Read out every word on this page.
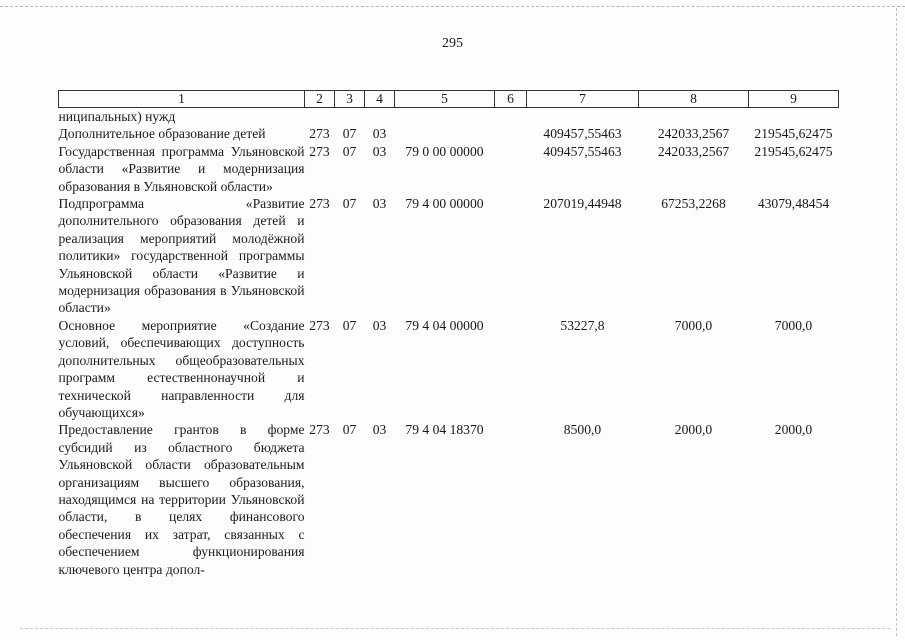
295
1	2	3	4	5	6	7	8	9
ниципальных) нужд								
Дополнительное образование детей	273	07	03			409457,55463	242033,2567	219545,62475
Государственная программа Ульяновской области «Развитие и модернизация образования в Ульяновской области»	273	07	03	79 0 00 00000		409457,55463	242033,2567	219545,62475
Подпрограмма «Развитие дополнительного образования детей и реализация мероприятий молодёжной политики» государственной программы Ульяновской области «Развитие и модернизация образования в Ульяновской области»	273	07	03	79 4 00 00000		207019,44948	67253,2268	43079,48454
Основное мероприятие «Создание условий, обеспечивающих доступность дополнительных общеобразовательных программ естественнонаучной и технической направленности для обучающихся»	273	07	03	79 4 04 00000		53227,8	7000,0	7000,0
Предоставление грантов в форме субсидий из областного бюджета Ульяновской области образовательным организациям высшего образования, находящимся на территории Ульяновской области, в целях финансового обеспечения их затрат, связанных с обеспечением функционирования ключевого центра допол-	273	07	03	79 4 04 18370		8500,0	2000,0	2000,0
